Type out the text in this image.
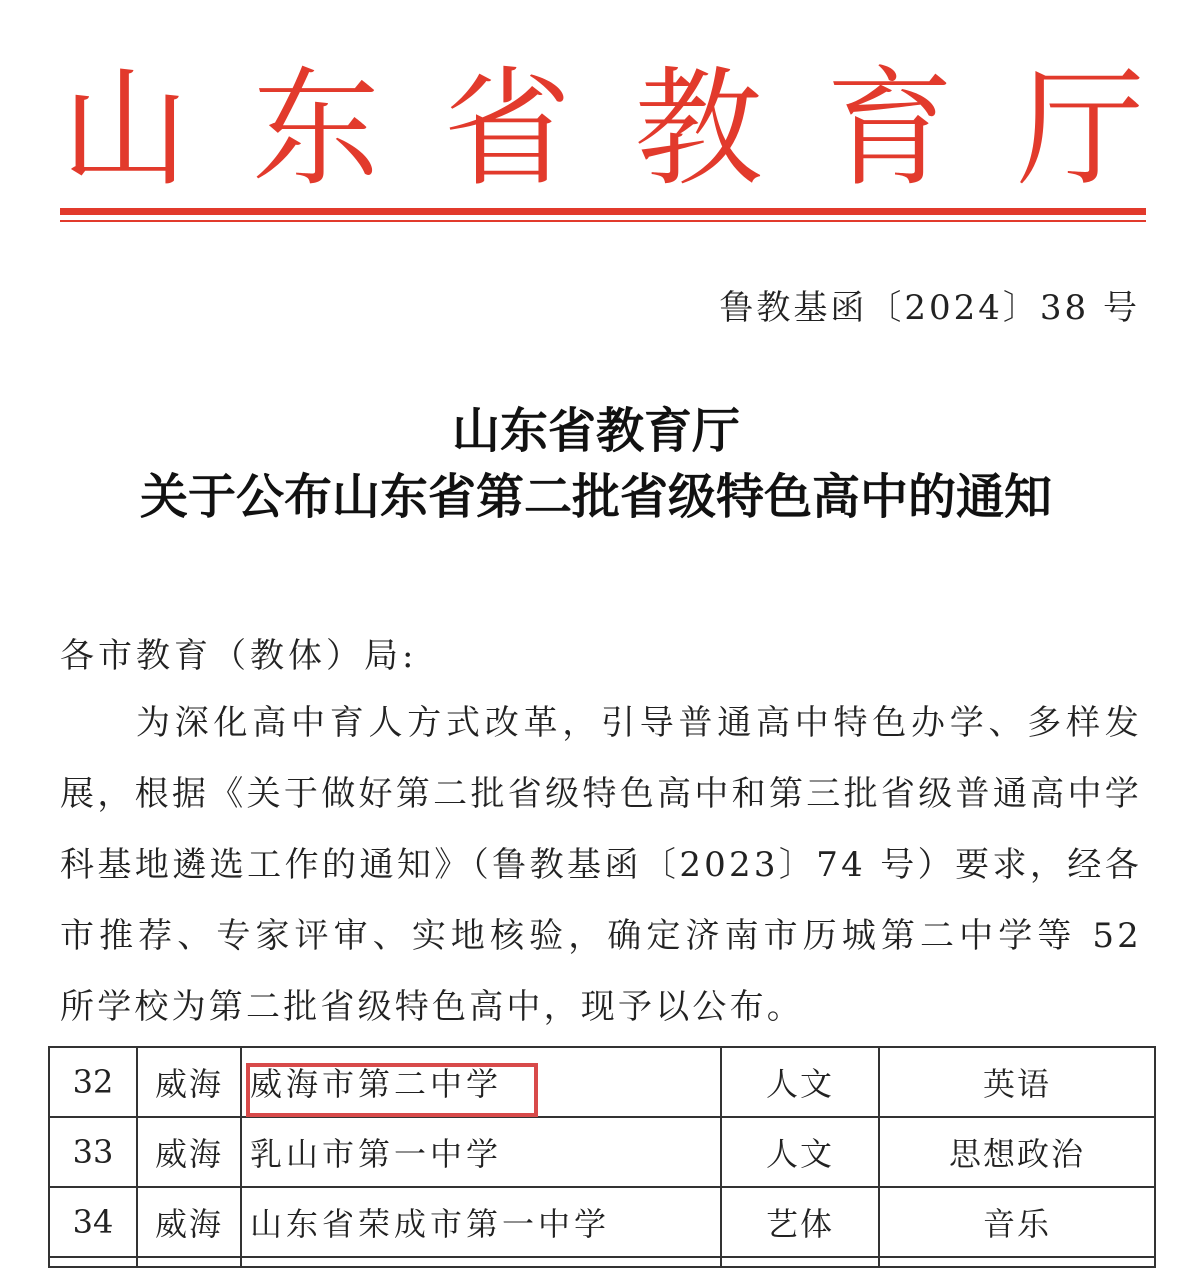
山 东 省 教 育 厅
鲁教基函〔2024〕38 号
山东省教育厅
关于公布山东省第二批省级特色高中的通知
各市教育（教体）局:
为深化高中育人方式改革，引导普通高中特色办学、多样发展，根据《关于做好第二批省级特色高中和第三批省级普通高中学科基地遴选工作的通知》（鲁教基函〔2023〕74 号）要求，经各市推荐、专家评审、实地核验，确定济南市历城第二中学等 52 所学校为第二批省级特色高中，现予以公布。
32	威海	威海市第二中学	人文	英语
33	威海	乳山市第一中学	人文	思想政治
34	威海	山东省荣成市第一中学	艺体	音乐
